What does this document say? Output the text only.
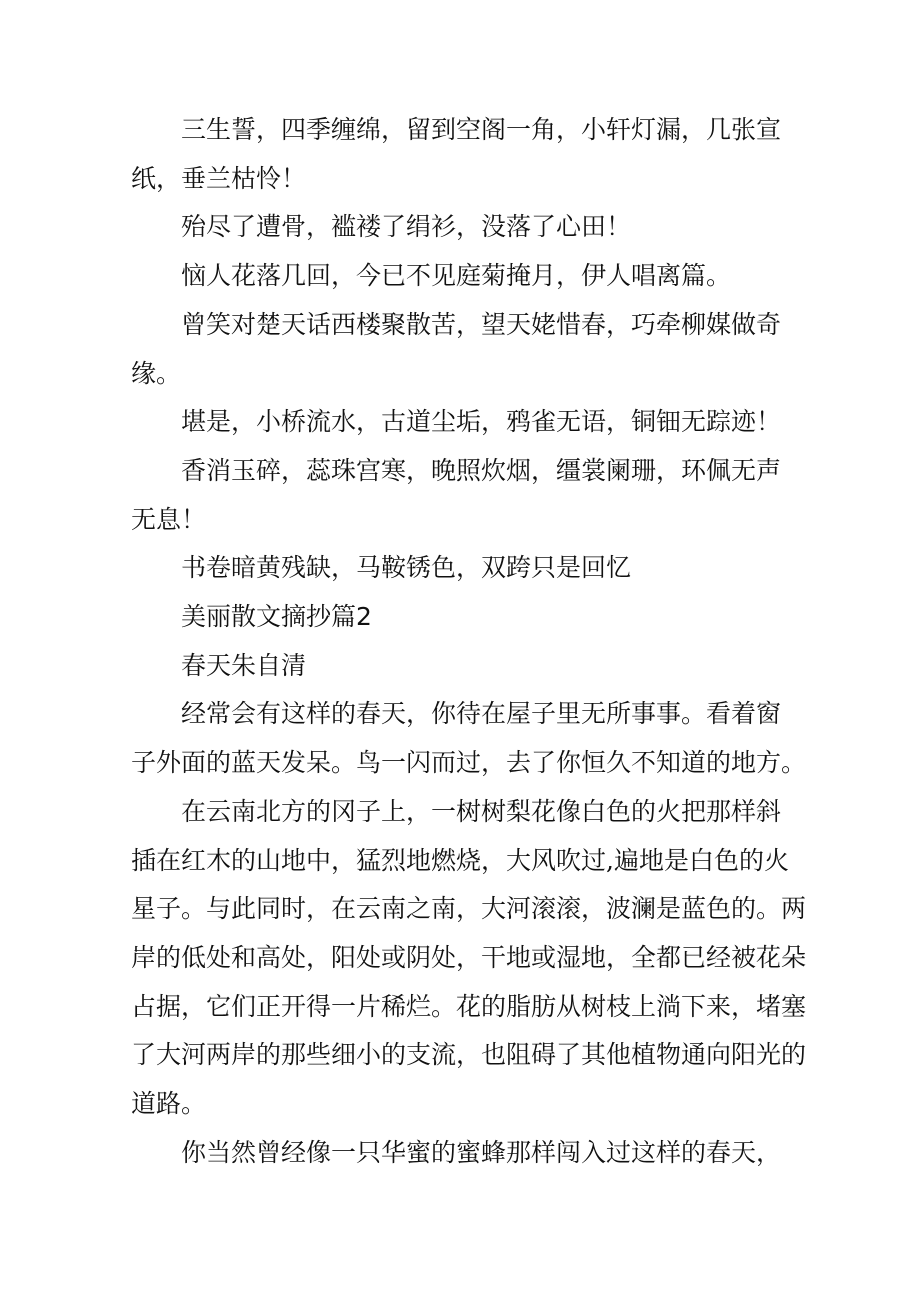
三生誓，四季缠绵，留到空阁一角，小轩灯漏，几张宣
纸，垂兰枯怜！
殆尽了遭骨，褴褛了绢衫，没落了心田！
恼人花落几回，今已不见庭菊掩月，伊人唱离篇。
曾笑对楚天话西楼聚散苦，望天姥惜春，巧牵柳媒做奇
缘。
堪是，小桥流水，古道尘垢，鸦雀无语，铜钿无踪迹！
香消玉碎，蕊珠宫寒，晚照炊烟，缰裳阑珊，环佩无声
无息！
书卷暗黄残缺，马鞍锈色，双跨只是回忆
美丽散文摘抄篇2
春天朱自清
经常会有这样的春天，你待在屋子里无所事事。看着窗
子外面的蓝天发呆。鸟一闪而过，去了你恒久不知道的地方。
在云南北方的冈子上，一树树梨花像白色的火把那样斜
插在红木的山地中，猛烈地燃烧，大风吹过,遍地是白色的火
星子。与此同时，在云南之南，大河滚滚，波澜是蓝色的。两
岸的低处和高处，阳处或阴处，干地或湿地，全都已经被花朵
占据，它们正开得一片稀烂。花的脂肪从树枝上淌下来，堵塞
了大河两岸的那些细小的支流，也阻碍了其他植物通向阳光的
道路。
你当然曾经像一只华蜜的蜜蜂那样闯入过这样的春天，
